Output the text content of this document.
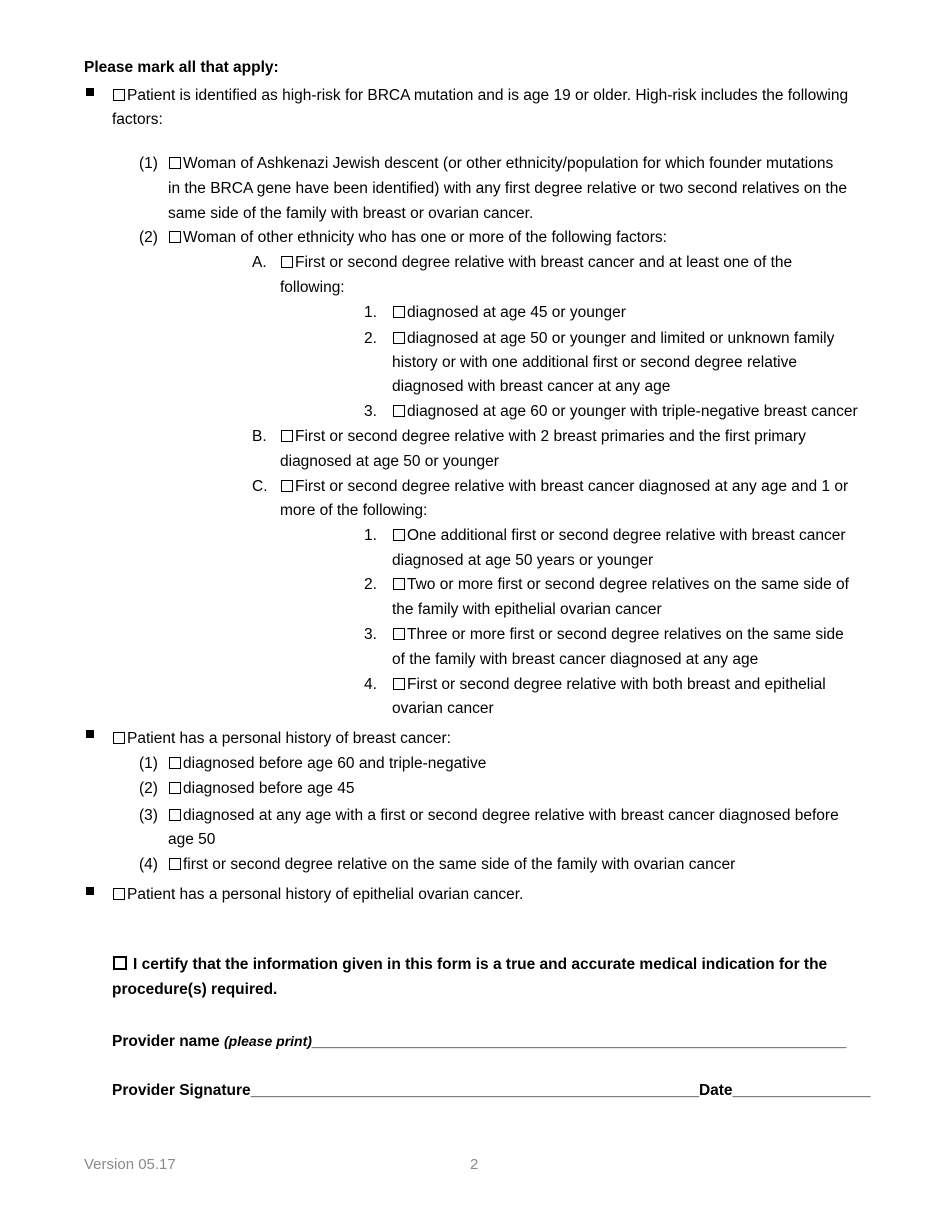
Please mark all that apply:
Patient is identified as high-risk for BRCA mutation and is age 19 or older. High-risk includes the following
factors:
(1)	Woman of Ashkenazi Jewish descent (or other ethnicity/population for which founder mutations
in the BRCA gene have been identified) with any first degree relative or two second relatives on the
same side of the family with breast or ovarian cancer.
(2)	Woman of other ethnicity who has one or more of the following factors:
A.	First or second degree relative with breast cancer and at least one of the
following:
1.	diagnosed at age 45 or younger
2.	diagnosed at age 50 or younger and limited or unknown family
history or with one additional first or second degree relative
diagnosed with breast cancer at any age
3.	diagnosed at age 60 or younger with triple-negative breast cancer
B.	First or second degree relative with 2 breast primaries and the first primary
diagnosed at age 50 or younger
C.	First or second degree relative with breast cancer diagnosed at any age and 1 or
more of the following:
1.	One additional first or second degree relative with breast cancer
diagnosed at age 50 years or younger
2.	Two or more first or second degree relatives on the same side of
the family with epithelial ovarian cancer
3.	Three or more first or second degree relatives on the same side
of the family with breast cancer diagnosed at any age
4.	First or second degree relative with both breast and epithelial
ovarian cancer
Patient has a personal history of breast cancer:
(1)	diagnosed before age 60 and triple-negative
(2)	diagnosed before age 45
(3)	diagnosed at any age with a first or second degree relative with breast cancer diagnosed before
age 50
(4)	first or second degree relative on the same side of the family with ovarian cancer
Patient has a personal history of epithelial ovarian cancer.
I certify that the information given in this form is a true and accurate medical indication for the
procedure(s) required.
Provider name (please print)______________________________________________________________
Provider Signature____________________________________________________Date________________
Version 05.17	2
